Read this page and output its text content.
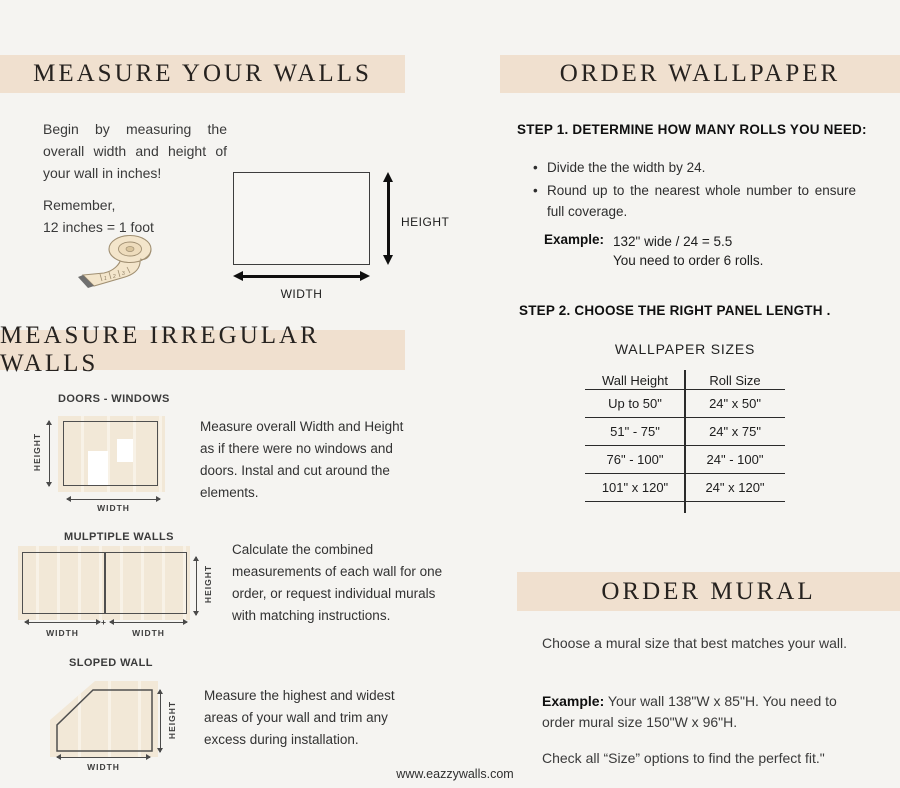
MEASURE YOUR WALLS
Begin by measuring the overall width and height of your wall in inches!
Remember,
12 inches = 1 foot
1 2 3
HEIGHT
WIDTH
MEASURE IRREGULAR WALLS
DOORS - WINDOWS
HEIGHT
WIDTH
Measure overall Width and Height as if there were no windows and doors. Instal and cut around the elements.
MULPTIPLE WALLS
HEIGHT
+
WIDTH	WIDTH
Calculate the combined measurements of each wall for one order, or request individual murals with matching instructions.
SLOPED WALL
HEIGHT
WIDTH
Measure the highest and widest areas of your wall and trim any excess during installation.
ORDER WALLPAPER
STEP 1. DETERMINE HOW MANY ROLLS YOU NEED:
• Divide the the width by 24.
• Round up to the nearest whole number to ensure full coverage.
Example: 132" wide / 24 = 5.5
You need to order 6 rolls.
STEP 2. CHOOSE THE RIGHT PANEL LENGTH .
WALLPAPER SIZES
Wall Height	Roll Size
Up to 50"	24" x 50"
51" - 75"	24" x 75"
76" - 100"	24" - 100"
101" x 120"	24" x 120"
ORDER MURAL
Choose a mural size that best matches your wall.
Example: Your wall 138"W x 85"H. You need to order mural size 150"W x 96"H.
Check all “Size” options to find the perfect fit."
www.eazzywalls.com
